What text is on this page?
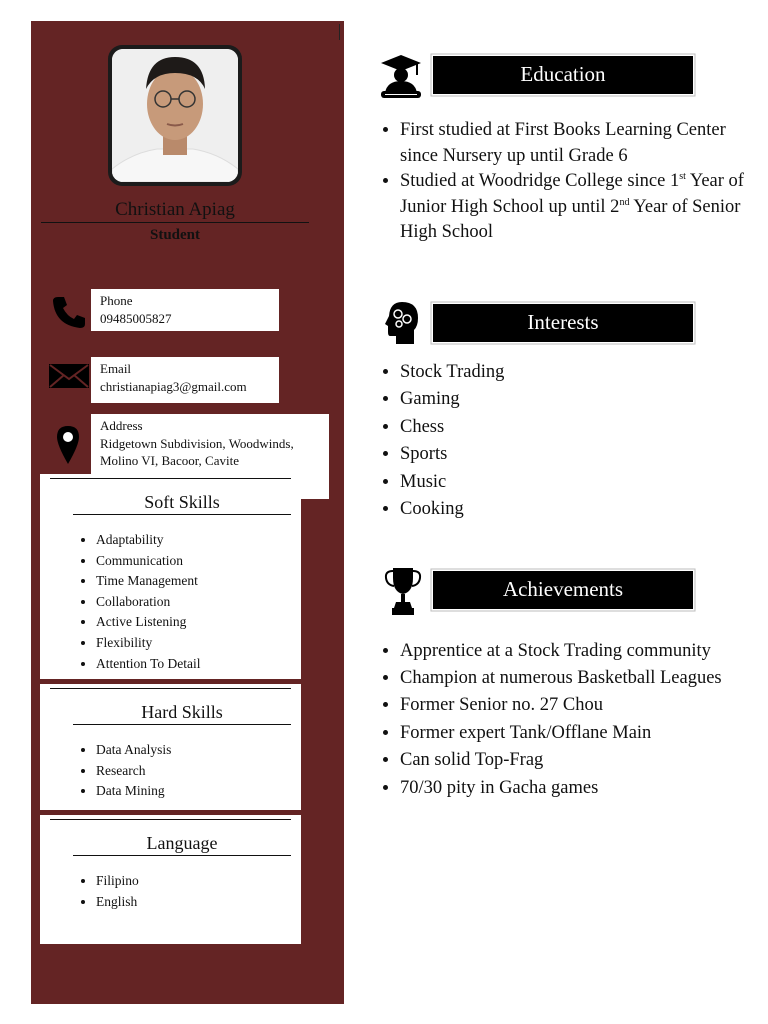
Christian Apiag
Student
Phone
09485005827
Email
christianapiag3@gmail.com
Address
Ridgetown Subdivision, Woodwinds,
Molino VI, Bacoor, Cavite
Soft Skills
• Adaptability
• Communication
• Time Management
• Collaboration
• Active Listening
• Flexibility
• Attention To Detail
Hard Skills
• Data Analysis
• Research
• Data Mining
Language
• Filipino
• English
Education
• First studied at First Books Learning Center since Nursery up until Grade 6
• Studied at Woodridge College since 1st Year of Junior High School up until 2nd Year of Senior High School
Interests
• Stock Trading
• Gaming
• Chess
• Sports
• Music
• Cooking
Achievements
• Apprentice at a Stock Trading community
• Champion at numerous Basketball Leagues
• Former Senior no. 27 Chou
• Former expert Tank/Offlane Main
• Can solid Top-Frag
• 70/30 pity in Gacha games
